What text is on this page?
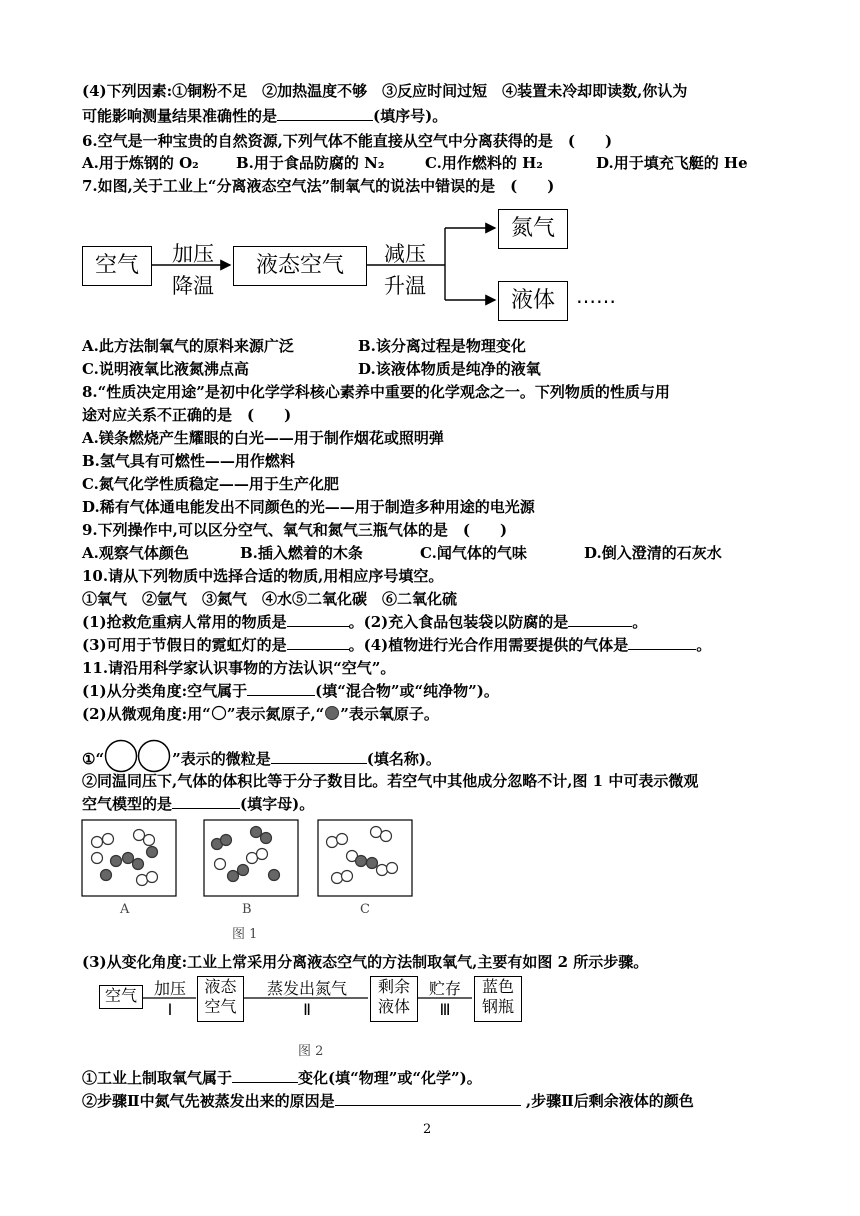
(4)下列因素:①铜粉不足　②加热温度不够　③反应时间过短　④装置未冷却即读数,你认为
可能影响测量结果准确性的是	(填序号)。
6.空气是一种宝贵的自然资源,下列气体不能直接从空气中分离获得的是　(　　)
A.用于炼钢的 O₂ B.用于食品防腐的 N₂	C.用作燃料的 H₂	D.用于填充飞艇的 He
7.如图,关于工业上“分离液态空气法”制氧气的说法中错误的是　(　　)
空气	加压
降温
液态空气	减压
升温
氮气
液体	……
A.此方法制氧气的原料来源广泛	B.该分离过程是物理变化
C.说明液氧比液氮沸点高	D.该液体物质是纯净的液氧
8.“性质决定用途”是初中化学学科核心素养中重要的化学观念之一。下列物质的性质与用
途对应关系不正确的是　(　　)
A.镁条燃烧产生耀眼的白光——用于制作烟花或照明弹
B.氢气具有可燃性——用作燃料
C.氮气化学性质稳定——用于生产化肥
D.稀有气体通电能发出不同颜色的光——用于制造多种用途的电光源
9.下列操作中,可以区分空气、氧气和氮气三瓶气体的是　(　　)
A.观察气体颜色	B.插入燃着的木条	C.闻气体的气味	D.倒入澄清的石灰水
10.请从下列物质中选择合适的物质,用相应序号填空。
①氧气　②氩气　③氮气　④水⑤二氧化碳　⑥二氧化硫
(1)抢救危重病人常用的物质是	。(2)充入食品包装袋以防腐的是	。
(3)可用于节假日的霓虹灯的是	。(4)植物进行光合作用需要提供的气体是	。
11.请沿用科学家认识事物的方法认识“空气”。
(1)从分类角度:空气属于	(填“混合物”或“纯净物”)。
(2)从微观角度:用“ ”表示氮原子,“ ”表示氧原子。
①“	”表示的微粒是	(填名称)。
②同温同压下,气体的体积比等于分子数目比。若空气中其他成分忽略不计,图 1 中可表示微观
空气模型的是	(填字母)。
A	B	C
图 1
(3)从变化角度:工业上常采用分离液态空气的方法制取氧气,主要有如图 2 所示步骤。
空气	加压
Ⅰ
液态
空气
蒸发出氮气
Ⅱ
剩余
液体
贮存
Ⅲ
蓝色
钢瓶
图 2
①工业上制取氧气属于	变化(填“物理”或“化学”)。
②步骤Ⅱ中氮气先被蒸发出来的原因是	,步骤Ⅱ后剩余液体的颜色
2
